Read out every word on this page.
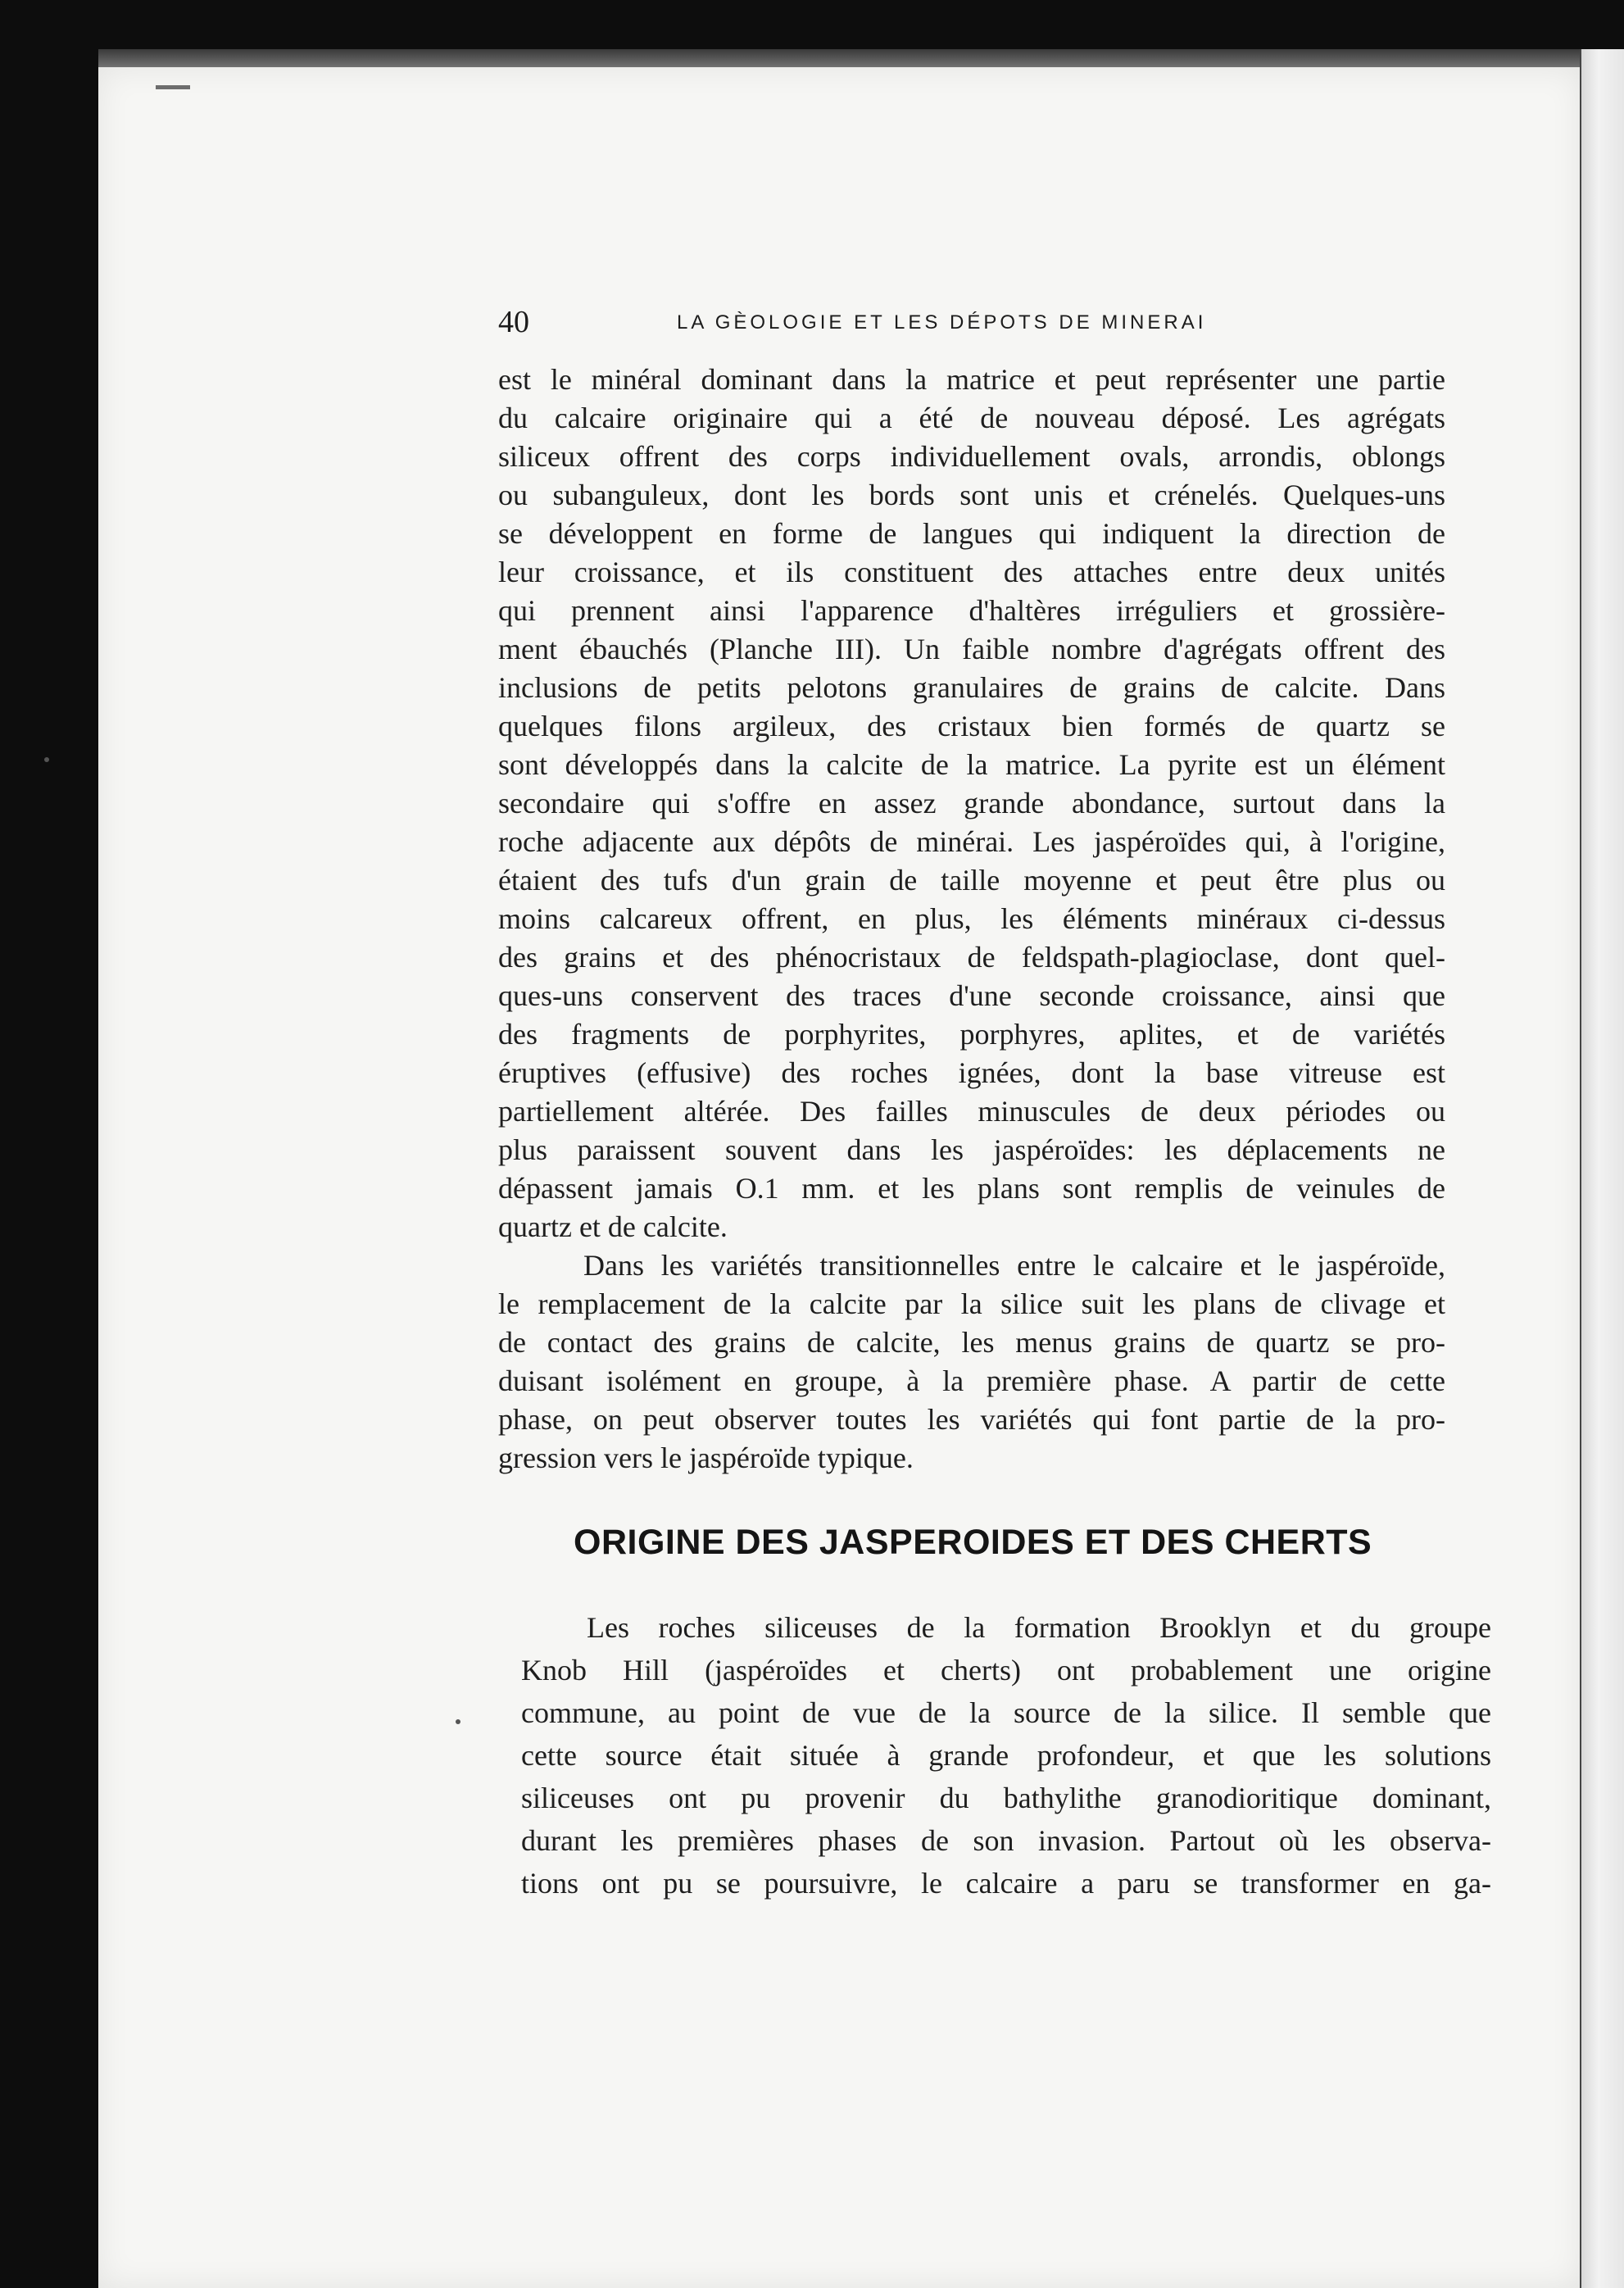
40	LA GÈOLOGIE ET LES DÉPOTS DE MINERAI
est le minéral dominant dans la matrice et peut représenter une partie
du calcaire originaire qui a été de nouveau déposé. Les agrégats
siliceux offrent des corps individuellement ovals, arrondis, oblongs
ou subanguleux, dont les bords sont unis et crénelés. Quelques-uns
se développent en forme de langues qui indiquent la direction de
leur croissance, et ils constituent des attaches entre deux unités
qui prennent ainsi l'apparence d'haltères irréguliers et grossière-
ment ébauchés (Planche III). Un faible nombre d'agrégats offrent des
inclusions de petits pelotons granulaires de grains de calcite. Dans
quelques filons argileux, des cristaux bien formés de quartz se
sont développés dans la calcite de la matrice. La pyrite est un élément
secondaire qui s'offre en assez grande abondance, surtout dans la
roche adjacente aux dépôts de minérai. Les jaspéroïdes qui, à l'origine,
étaient des tufs d'un grain de taille moyenne et peut être plus ou
moins calcareux offrent, en plus, les éléments minéraux ci-dessus
des grains et des phénocristaux de feldspath-plagioclase, dont quel-
ques-uns conservent des traces d'une seconde croissance, ainsi que
des fragments de porphyrites, porphyres, aplites, et de variétés
éruptives (effusive) des roches ignées, dont la base vitreuse est
partiellement altérée. Des failles minuscules de deux périodes ou
plus paraissent souvent dans les jaspéroïdes: les déplacements ne
dépassent jamais O.1 mm. et les plans sont remplis de veinules de
quartz et de calcite.
Dans les variétés transitionnelles entre le calcaire et le jaspéroïde,
le remplacement de la calcite par la silice suit les plans de clivage et
de contact des grains de calcite, les menus grains de quartz se pro-
duisant isolément en groupe, à la première phase. A partir de cette
phase, on peut observer toutes les variétés qui font partie de la pro-
gression vers le jaspéroïde typique.
ORIGINE DES JASPEROIDES ET DES CHERTS
Les roches siliceuses de la formation Brooklyn et du groupe
Knob Hill (jaspéroïdes et cherts) ont probablement une origine
commune, au point de vue de la source de la silice. Il semble que
cette source était située à grande profondeur, et que les solutions
siliceuses ont pu provenir du bathylithe granodioritique dominant,
durant les premières phases de son invasion. Partout où les observa-
tions ont pu se poursuivre, le calcaire a paru se transformer en ga-
